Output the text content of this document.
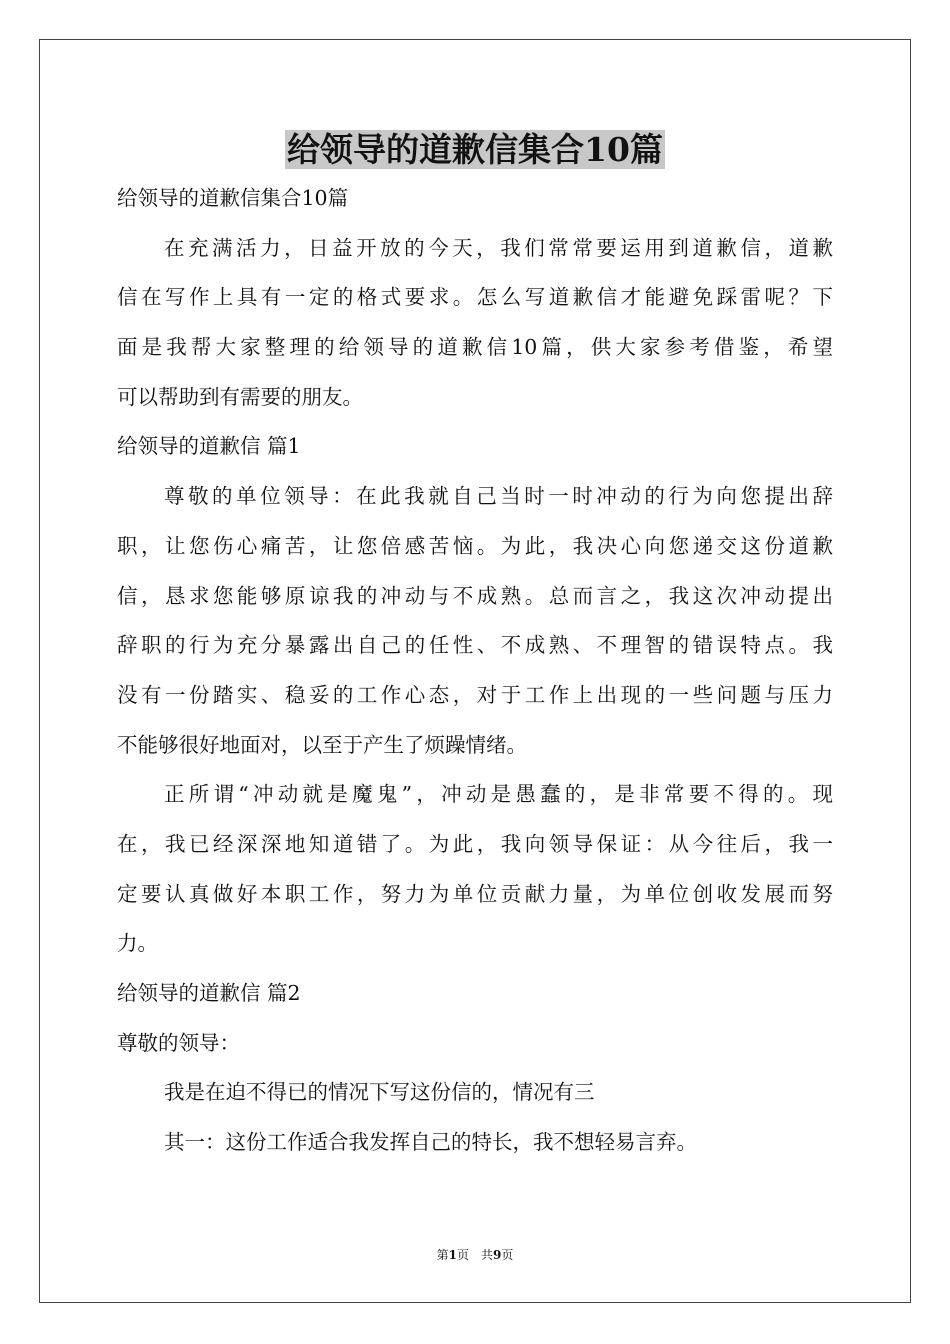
给领导的道歉信集合10篇
给领导的道歉信集合10篇
在充满活力，日益开放的今天，我们常常要运用到道歉信，道歉
信在写作上具有一定的格式要求。怎么写道歉信才能避免踩雷呢？下
面是我帮大家整理的给领导的道歉信10篇，供大家参考借鉴，希望
可以帮助到有需要的朋友。
给领导的道歉信 篇1
尊敬的单位领导：在此我就自己当时一时冲动的行为向您提出辞
职，让您伤心痛苦，让您倍感苦恼。为此，我决心向您递交这份道歉
信，恳求您能够原谅我的冲动与不成熟。总而言之，我这次冲动提出
辞职的行为充分暴露出自己的任性、不成熟、不理智的错误特点。我
没有一份踏实、稳妥的工作心态，对于工作上出现的一些问题与压力
不能够很好地面对，以至于产生了烦躁情绪。
正所谓“冲动就是魔鬼”，冲动是愚蠢的，是非常要不得的。现
在，我已经深深地知道错了。为此，我向领导保证：从今往后，我一
定要认真做好本职工作，努力为单位贡献力量，为单位创收发展而努
力。
给领导的道歉信 篇2
尊敬的领导：
我是在迫不得已的情况下写这份信的，情况有三
其一：这份工作适合我发挥自己的特长，我不想轻易言弃。
第1页 共9页
